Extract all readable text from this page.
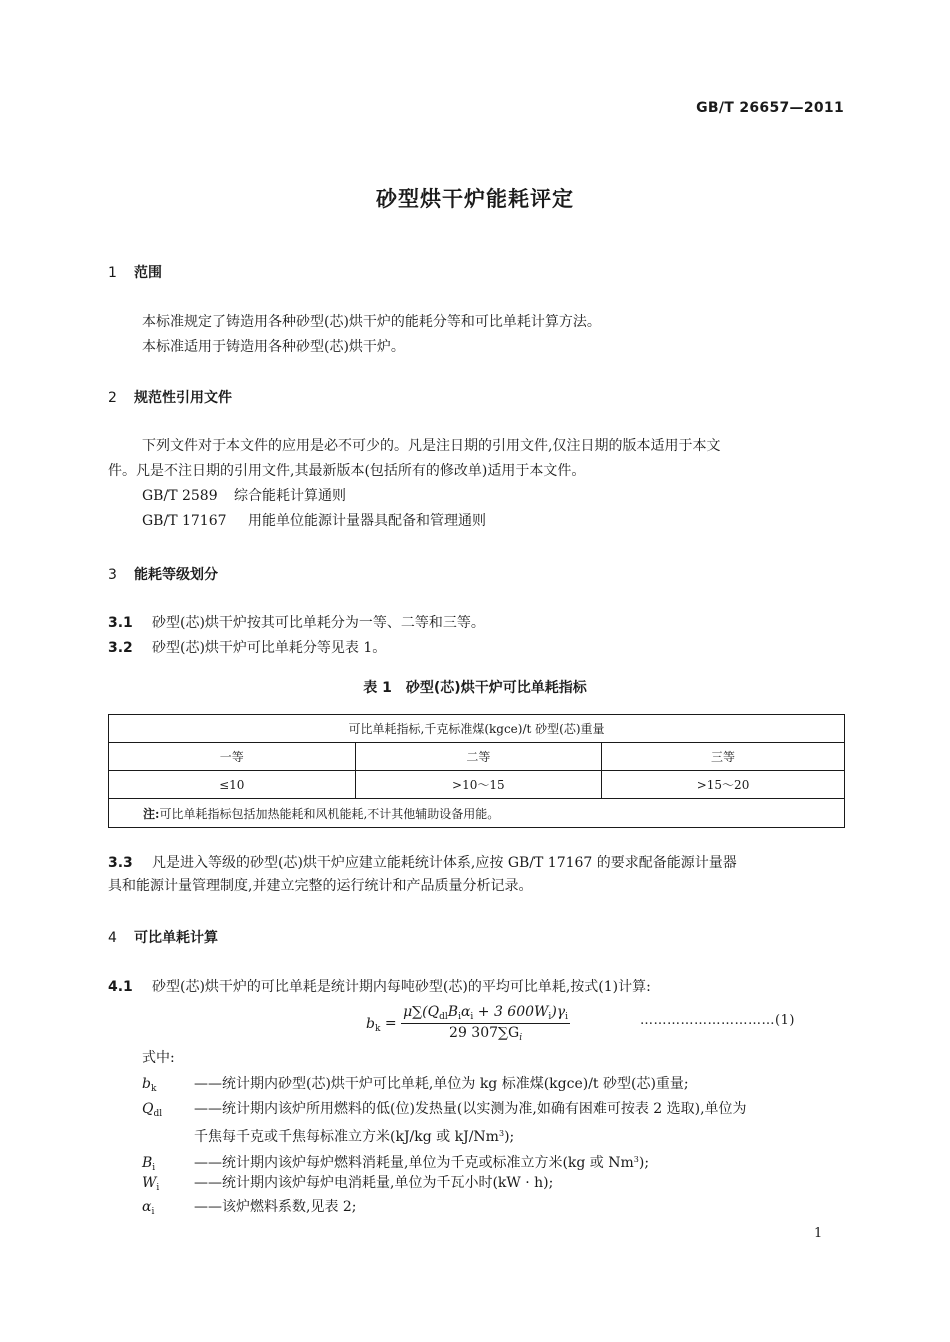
GB/T 26657—2011
砂型烘干炉能耗评定
1 范围
本标准规定了铸造用各种砂型(芯)烘干炉的能耗分等和可比单耗计算方法。
本标准适用于铸造用各种砂型(芯)烘干炉。
2 规范性引用文件
下列文件对于本文件的应用是必不可少的。凡是注日期的引用文件,仅注日期的版本适用于本文
件。凡是不注日期的引用文件,其最新版本(包括所有的修改单)适用于本文件。
GB/T 2589 综合能耗计算通则
GB/T 17167 用能单位能源计量器具配备和管理通则
3 能耗等级划分
3.1 砂型(芯)烘干炉按其可比单耗分为一等、二等和三等。
3.2 砂型(芯)烘干炉可比单耗分等见表 1。
表 1　砂型(芯)烘干炉可比单耗指标
可比单耗指标,千克标准煤(kgce)/t 砂型(芯)重量		
一等	二等	三等
≤10	>10～15	>15～20
注:可比单耗指标包括加热能耗和风机能耗,不计其他辅助设备用能。		
3.3 凡是进入等级的砂型(芯)烘干炉应建立能耗统计体系,应按 GB/T 17167 的要求配备能源计量器
具和能源计量管理制度,并建立完整的运行统计和产品质量分析记录。
4 可比单耗计算
4.1 砂型(芯)烘干炉的可比单耗是统计期内每吨砂型(芯)的平均可比单耗,按式(1)计算:
$b_k = \frac{\mu\sum(Q_{dl}B_i\alpha_i + 3 600W_i)\gamma_i}{29 307\sum G_i}$	…………………………(1)
式中:
$b_k$	——统计期内砂型(芯)烘干炉可比单耗,单位为 kg 标准煤(kgce)/t 砂型(芯)重量;
$Q_{dl}$ ——统计期内该炉所用燃料的低(位)发热量(以实测为准,如确有困难可按表 2 选取),单位为
千焦每千克或千焦每标准立方米(kJ/kg 或 kJ/Nm$^3$);
$B_i$	——统计期内该炉每炉燃料消耗量,单位为千克或标准立方米(kg 或 Nm$^3$);
$W_i$ ——统计期内该炉每炉电消耗量,单位为千瓦小时(kW · h);
$\alpha_i$	——该炉燃料系数,见表 2;
1
